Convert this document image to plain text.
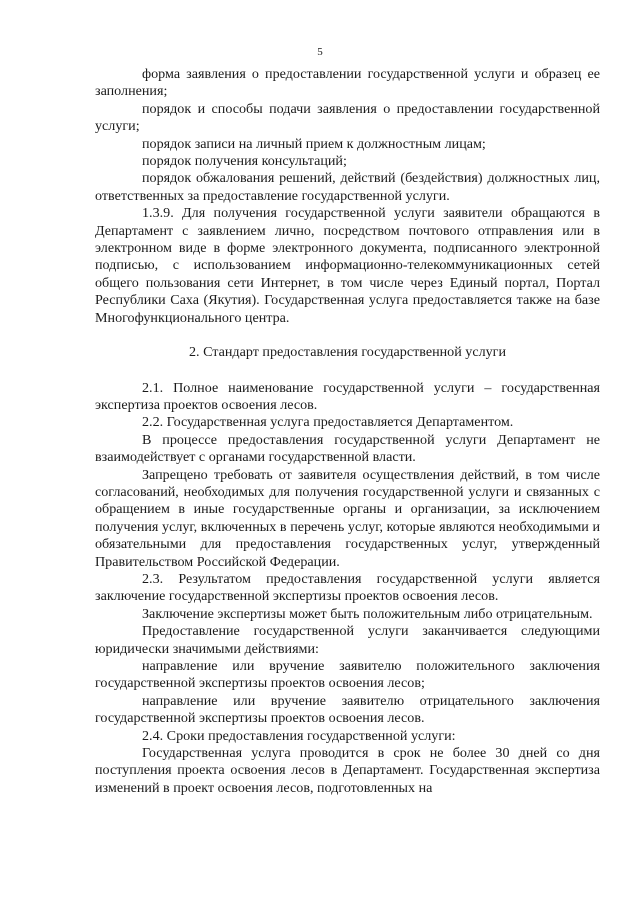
5

форма заявления о предоставлении государственной услуги и образец ее заполнения;

порядок и способы подачи заявления о предоставлении государственной услуги;

порядок записи на личный прием к должностным лицам;

порядок получения консультаций;

порядок обжалования решений, действий (бездействия) должностных лиц, ответственных за предоставление государственной услуги.

1.3.9. Для получения государственной услуги заявители обращаются в Департамент с заявлением лично, посредством почтового отправления или в электронном виде в форме электронного документа, подписанного электронной подписью, с использованием информационно-телекоммуникационных сетей общего пользования сети Интернет, в том числе через Единый портал, Портал Республики Саха (Якутия). Государственная услуга предоставляется также на базе Многофункционального центра.

2. Стандарт предоставления государственной услуги

2.1. Полное наименование государственной услуги – государственная экспертиза проектов освоения лесов.

2.2. Государственная услуга предоставляется Департаментом.

В процессе предоставления государственной услуги Департамент не взаимодействует с органами государственной власти.

Запрещено требовать от заявителя осуществления действий, в том числе согласований, необходимых для получения государственной услуги и связанных с обращением в иные государственные органы и организации, за исключением получения услуг, включенных в перечень услуг, которые являются необходимыми и обязательными для предоставления государственных услуг, утвержденный Правительством Российской Федерации.

2.3. Результатом предоставления государственной услуги является заключение государственной экспертизы проектов освоения лесов.

Заключение экспертизы может быть положительным либо отрицательным.

Предоставление государственной услуги заканчивается следующими юридически значимыми действиями:

направление или вручение заявителю положительного заключения государственной экспертизы проектов освоения лесов;

направление или вручение заявителю отрицательного заключения государственной экспертизы проектов освоения лесов.

2.4. Сроки предоставления государственной услуги:

Государственная услуга проводится в срок не более 30 дней со дня поступления проекта освоения лесов в Департамент. Государственная экспертиза изменений в проект освоения лесов, подготовленных на
